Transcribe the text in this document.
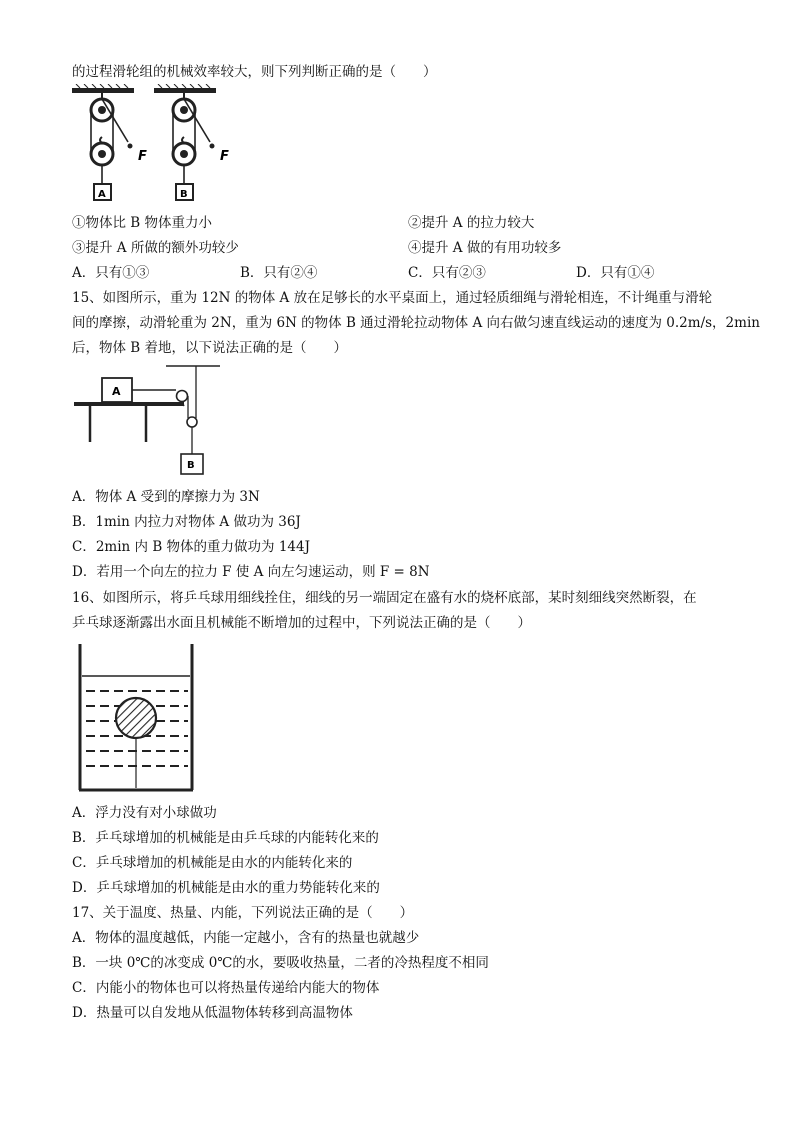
的过程滑轮组的机械效率较大，则下列判断正确的是（　　）
F
A
F
B
①物体比 B 物体重力小	②提升 A 的拉力较大
③提升 A 所做的额外功较少	④提升 A 做的有用功较多
A．只有①③	B．只有②④	C．只有②③	D．只有①④
15、如图所示，重为 12N 的物体 A 放在足够长的水平桌面上，通过轻质细绳与滑轮相连，不计绳重与滑轮
间的摩擦，动滑轮重为 2N，重为 6N 的物体 B 通过滑轮拉动物体 A 向右做匀速直线运动的速度为 0.2m/s，2min
后，物体 B 着地，以下说法正确的是（　　）
A
B
A．物体 A 受到的摩擦力为 3N
B．1min 内拉力对物体 A 做功为 36J
C．2min 内 B 物体的重力做功为 144J
D．若用一个向左的拉力 F 使 A 向左匀速运动，则 F = 8N
16、如图所示，将乒乓球用细线拴住，细线的另一端固定在盛有水的烧杯底部，某时刻细线突然断裂，在
乒乓球逐渐露出水面且机械能不断增加的过程中，下列说法正确的是（　　）
A．浮力没有对小球做功
B．乒乓球增加的机械能是由乒乓球的内能转化来的
C．乒乓球增加的机械能是由水的内能转化来的
D．乒乓球增加的机械能是由水的重力势能转化来的
17、关于温度、热量、内能，下列说法正确的是（　　）
A．物体的温度越低，内能一定越小，含有的热量也就越少
B．一块 0℃的冰变成 0℃的水，要吸收热量，二者的冷热程度不相同
C．内能小的物体也可以将热量传递给内能大的物体
D．热量可以自发地从低温物体转移到高温物体
